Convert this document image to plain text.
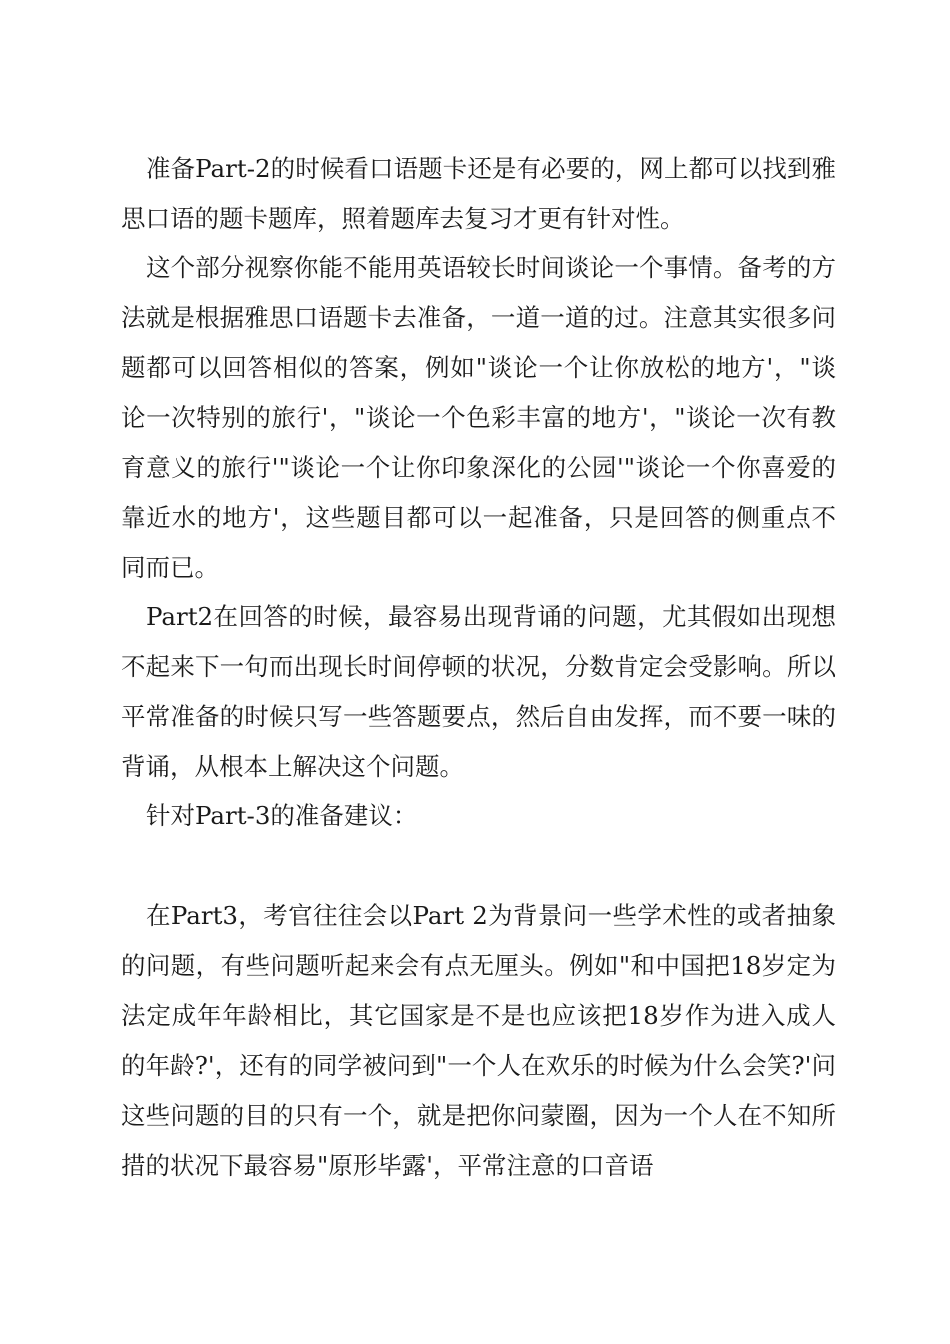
准备Part-2的时候看口语题卡还是有必要的，网上都可以找到雅思口语的题卡题库，照着题库去复习才更有针对性。

这个部分视察你能不能用英语较长时间谈论一个事情。备考的方法就是根据雅思口语题卡去准备，一道一道的过。注意其实很多问题都可以回答相似的答案，例如"谈论一个让你放松的地方'，"谈论一次特别的旅行'，"谈论一个色彩丰富的地方'，"谈论一次有教育意义的旅行'"谈论一个让你印象深化的公园'"谈论一个你喜爱的靠近水的地方'，这些题目都可以一起准备，只是回答的侧重点不同而已。

Part2在回答的时候，最容易出现背诵的问题，尤其假如出现想不起来下一句而出现长时间停顿的状况，分数肯定会受影响。所以平常准备的时候只写一些答题要点，然后自由发挥，而不要一味的背诵，从根本上解决这个问题。

针对Part-3的准备建议：

在Part3，考官往往会以Part 2为背景问一些学术性的或者抽象的问题，有些问题听起来会有点无厘头。例如"和中国把18岁定为法定成年年龄相比，其它国家是不是也应该把18岁作为进入成人的年龄?'，还有的同学被问到"一个人在欢乐的时候为什么会笑?'问这些问题的目的只有一个，就是把你问蒙圈，因为一个人在不知所措的状况下最容易"原形毕露'，平常注意的口音语
